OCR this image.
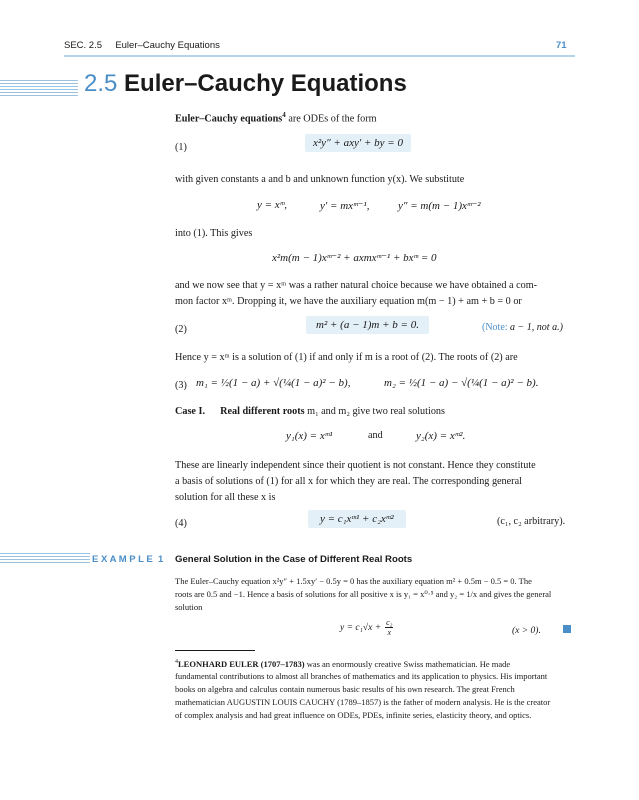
SEC. 2.5 Euler–Cauchy Equations	71
2.5 Euler–Cauchy Equations
Euler–Cauchy equations$^4$ are ODEs of the form
(1)	x²y″ + axy′ + by = 0
with given constants a and b and unknown function y(x). We substitute
y = xᵐ,	y′ = mxᵐ⁻¹,	y″ = m(m − 1)xᵐ⁻²
into (1). This gives
x²m(m − 1)xᵐ⁻² + axmxᵐ⁻¹ + bxᵐ = 0
and we now see that y = xᵐ was a rather natural choice because we have obtained a com-
mon factor xᵐ. Dropping it, we have the auxiliary equation m(m − 1) + am + b = 0 or
(2)	m² + (a − 1)m + b = 0.	(Note: a − 1, not a.)
Hence y = xᵐ is a solution of (1) if and only if m is a root of (2). The roots of (2) are
(3) m₁ = ½(1 − a) + √(¼(1 − a)² − b),	m₂ = ½(1 − a) − √(¼(1 − a)² − b).
Case I. Real different roots m₁ and m₂ give two real solutions
y₁(x) = xᵐ¹	and	y₂(x) = xᵐ².
These are linearly independent since their quotient is not constant. Hence they constitute
a basis of solutions of (1) for all x for which they are real. The corresponding general
solution for all these x is
(4)	y = c₁xᵐ¹ + c₂xᵐ²	(c₁, c₂ arbitrary).
E X A M P L E  1 General Solution in the Case of Different Real Roots
The Euler–Cauchy equation x²y″ + 1.5xy′ − 0.5y = 0 has the auxiliary equation m² + 0.5m − 0.5 = 0. The
roots are 0.5 and −1. Hence a basis of solutions for all positive x is y₁ = x⁰·⁵ and y₂ = 1/x and gives the general
solution
$y = c_1√x + \frac{\text{c₂}}{x}$	(x > 0).
$^4$LEONHARD EULER (1707–1783) was an enormously creative Swiss mathematician. He made
fundamental contributions to almost all branches of mathematics and its application to physics. His important
books on algebra and calculus contain numerous basic results of his own research. The great French
mathematician AUGUSTIN LOUIS CAUCHY (1789–1857) is the father of modern analysis. He is the creator
of complex analysis and had great influence on ODEs, PDEs, infinite series, elasticity theory, and optics.
